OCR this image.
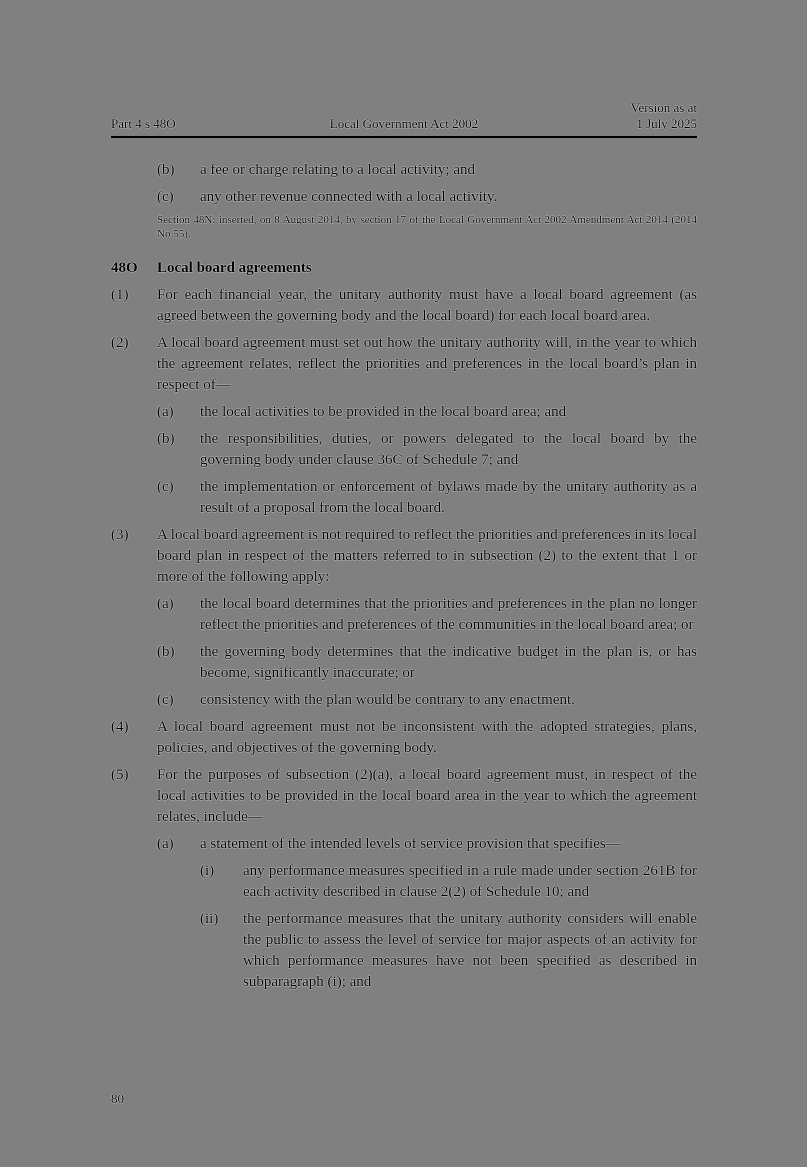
Part 4 s 48O	Local Government Act 2002
Version as at
1 July 2025
(b)	a fee or charge relating to a local activity; and
(c)	any other revenue connected with a local activity.
Section 48N: inserted, on 8 August 2014, by section 17 of the Local Government Act 2002 Amendment Act 2014 (2014 No 55).
48O	Local board agreements
(1)	For each financial year, the unitary authority must have a local board agreement (as agreed between the governing body and the local board) for each local board area.
(2)	A local board agreement must set out how the unitary authority will, in the year to which the agreement relates, reflect the priorities and preferences in the local board’s plan in respect of—
(a)	the local activities to be provided in the local board area; and
(b)	the responsibilities, duties, or powers delegated to the local board by the governing body under clause 36C of Schedule 7; and
(c)	the implementation or enforcement of bylaws made by the unitary authority as a result of a proposal from the local board.
(3)	A local board agreement is not required to reflect the priorities and preferences in its local board plan in respect of the matters referred to in subsection (2) to the extent that 1 or more of the following apply:
(a)	the local board determines that the priorities and preferences in the plan no longer reflect the priorities and preferences of the communities in the local board area; or
(b)	the governing body determines that the indicative budget in the plan is, or has become, significantly inaccurate; or
(c)	consistency with the plan would be contrary to any enactment.
(4)	A local board agreement must not be inconsistent with the adopted strategies, plans, policies, and objectives of the governing body.
(5)	For the purposes of subsection (2)(a), a local board agreement must, in respect of the local activities to be provided in the local board area in the year to which the agreement relates, include—
(a)	a statement of the intended levels of service provision that specifies—
(i)	any performance measures specified in a rule made under section 261B for each activity described in clause 2(2) of Schedule 10; and
(ii)	the performance measures that the unitary authority considers will enable the public to assess the level of service for major aspects of an activity for which performance measures have not been specified as described in subparagraph (i); and
80
